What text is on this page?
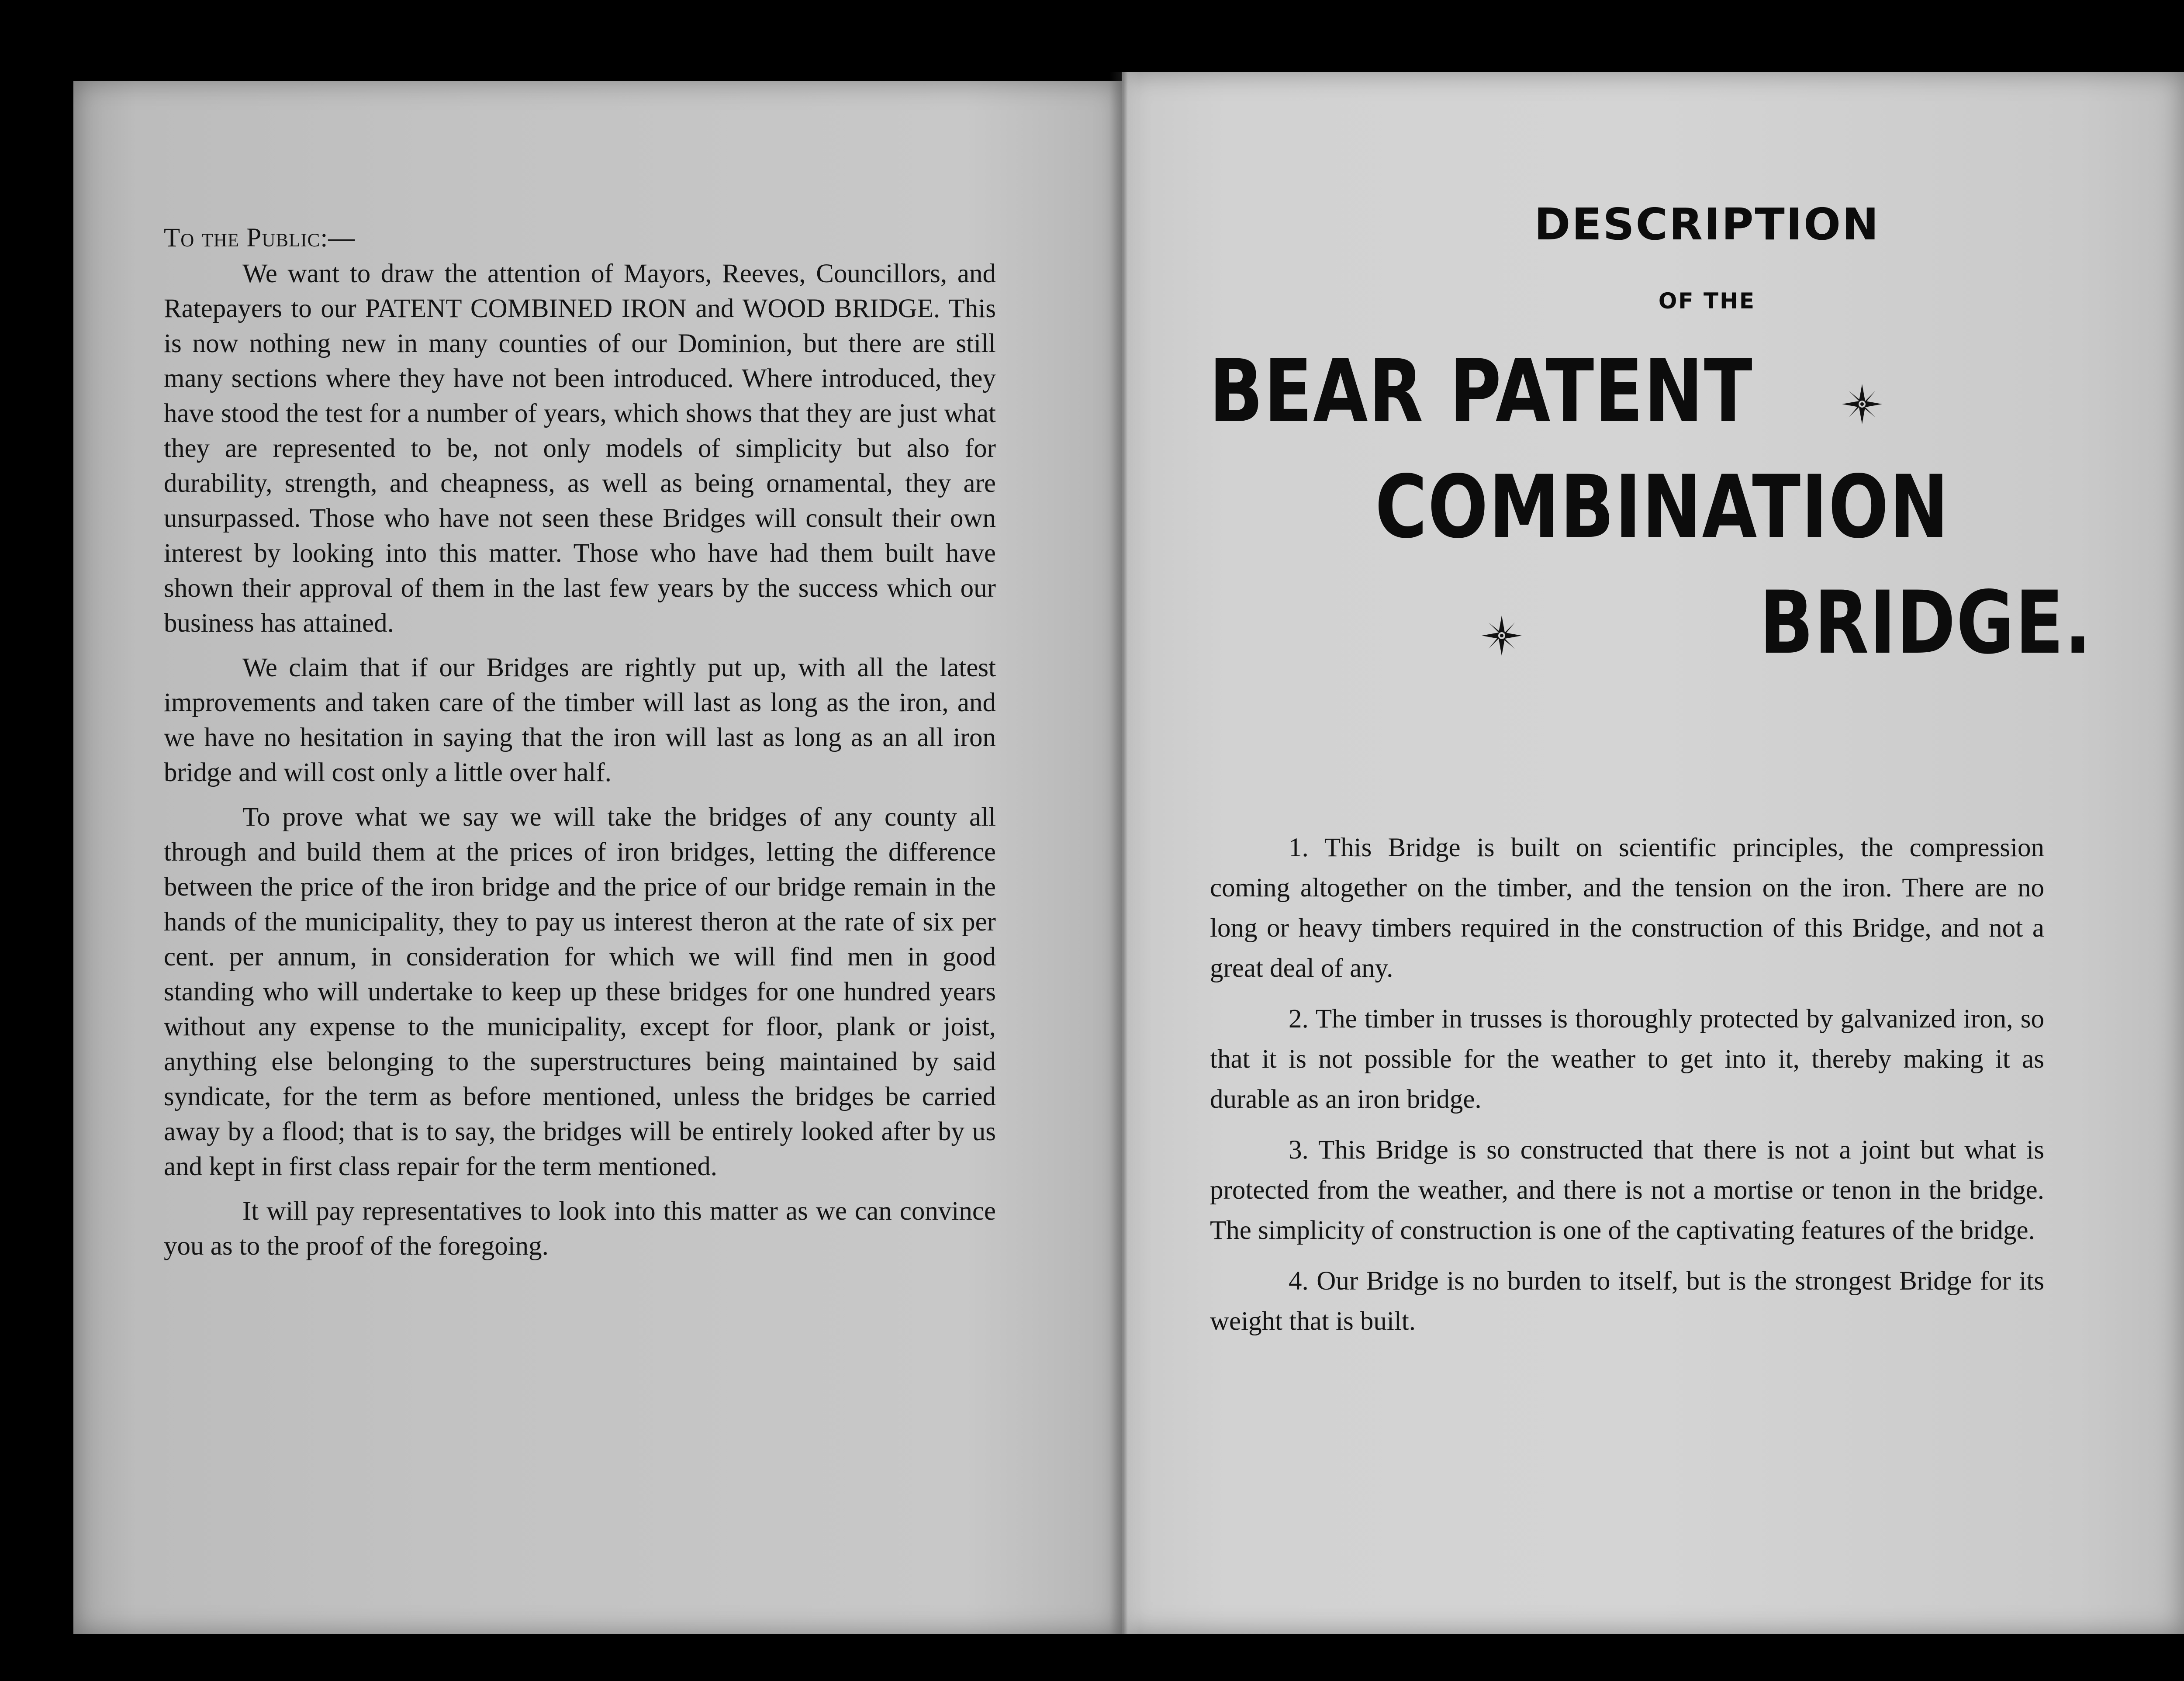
To the Public:—

We want to draw the attention of Mayors, Reeves, Councillors, and Ratepayers to our PATENT COMBINED IRON and WOOD BRIDGE. This is now nothing new in many counties of our Dominion, but there are still many sections where they have not been introduced. Where introduced, they have stood the test for a number of years, which shows that they are just what they are represented to be, not only models of simplicity but also for durability, strength, and cheapness, as well as being ornamental, they are unsurpassed. Those who have not seen these Bridges will consult their own interest by looking into this matter. Those who have had them built have shown their approval of them in the last few years by the success which our business has attained.

We claim that if our Bridges are rightly put up, with all the latest improvements and taken care of the timber will last as long as the iron, and we have no hesitation in saying that the iron will last as long as an all iron bridge and will cost only a little over half.

To prove what we say we will take the bridges of any county all through and build them at the prices of iron bridges, letting the difference between the price of the iron bridge and the price of our bridge remain in the hands of the municipality, they to pay us interest theron at the rate of six per cent. per annum, in consideration for which we will find men in good standing who will undertake to keep up these bridges for one hundred years without any expense to the municipality, except for floor, plank or joist, anything else belonging to the superstructures being maintained by said syndicate, for the term as before mentioned, unless the bridges be carried away by a flood; that is to say, the bridges will be entirely looked after by us and kept in first class repair for the term mentioned.

It will pay representatives to look into this matter as we can convince you as to the proof of the foregoing.

DESCRIPTION
OF THE
BEAR PATENT
COMBINATION
BRIDGE.

1. This Bridge is built on scientific principles, the compression coming altogether on the timber, and the tension on the iron. There are no long or heavy timbers required in the construction of this Bridge, and not a great deal of any.

2. The timber in trusses is thoroughly protected by galvanized iron, so that it is not possible for the weather to get into it, thereby making it as durable as an iron bridge.

3. This Bridge is so constructed that there is not a joint but what is protected from the weather, and there is not a mortise or tenon in the bridge. The simplicity of construction is one of the captivating features of the bridge.

4. Our Bridge is no burden to itself, but is the strongest Bridge for its weight that is built.
